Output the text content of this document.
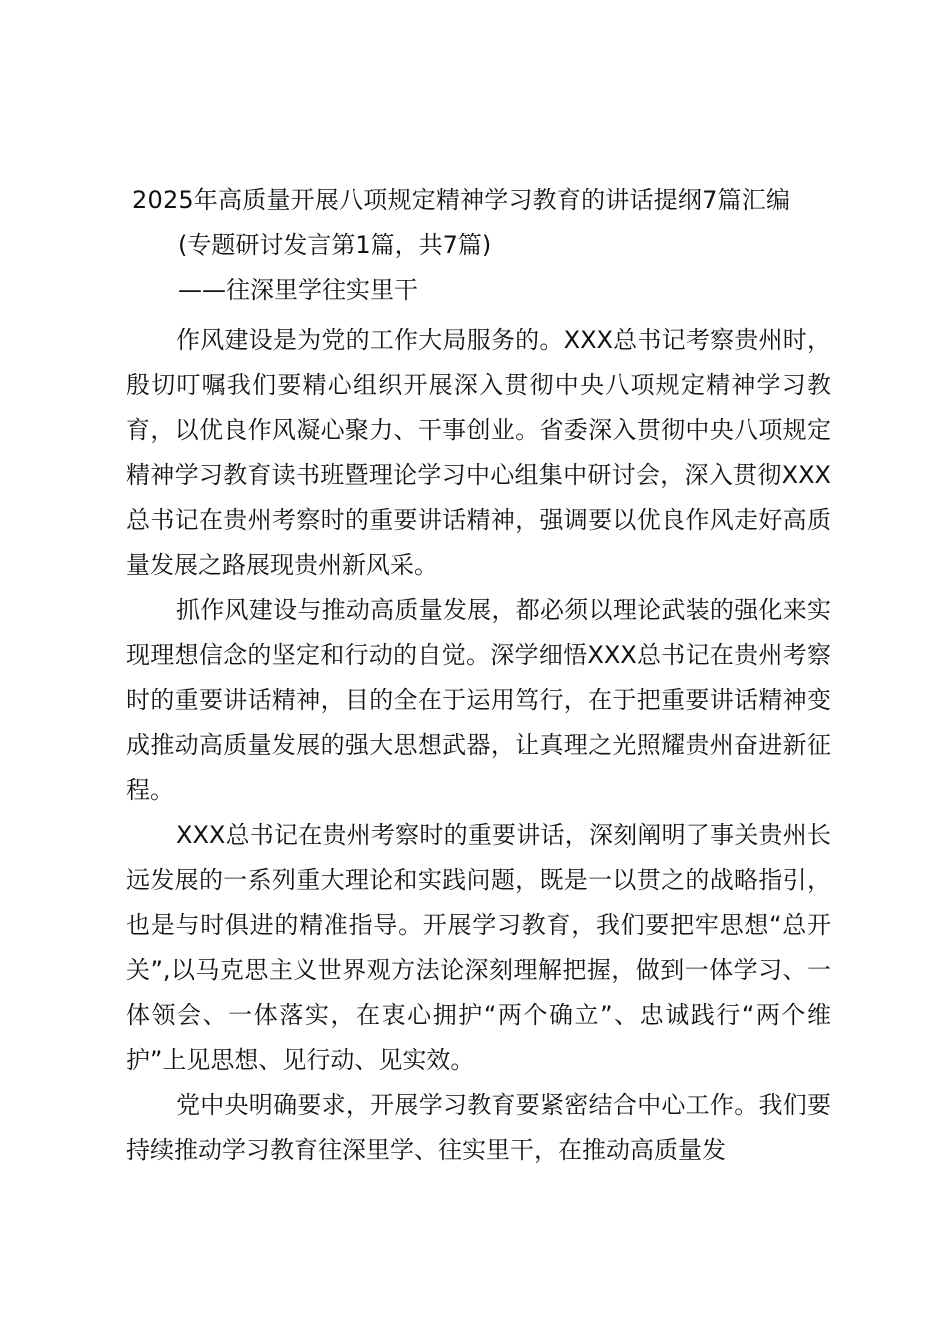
2025年高质量开展八项规定精神学习教育的讲话提纲7篇汇编
(专题研讨发言第1篇，共7篇)
——往深里学往实里干

作风建设是为党的工作大局服务的。XXX总书记考察贵州时，殷切叮嘱我们要精心组织开展深入贯彻中央八项规定精神学习教育，以优良作风凝心聚力、干事创业。省委深入贯彻中央八项规定精神学习教育读书班暨理论学习中心组集中研讨会，深入贯彻XXX总书记在贵州考察时的重要讲话精神，强调要以优良作风走好高质量发展之路展现贵州新风采。

抓作风建设与推动高质量发展，都必须以理论武装的强化来实现理想信念的坚定和行动的自觉。深学细悟XXX总书记在贵州考察时的重要讲话精神，目的全在于运用笃行，在于把重要讲话精神变成推动高质量发展的强大思想武器，让真理之光照耀贵州奋进新征程。

XXX总书记在贵州考察时的重要讲话，深刻阐明了事关贵州长远发展的一系列重大理论和实践问题，既是一以贯之的战略指引，也是与时俱进的精准指导。开展学习教育，我们要把牢思想“总开关”,以马克思主义世界观方法论深刻理解把握，做到一体学习、一体领会、一体落实，在衷心拥护“两个确立”、忠诚践行“两个维护”上见思想、见行动、见实效。

党中央明确要求，开展学习教育要紧密结合中心工作。我们要持续推动学习教育往深里学、往实里干，在推动高质量发
